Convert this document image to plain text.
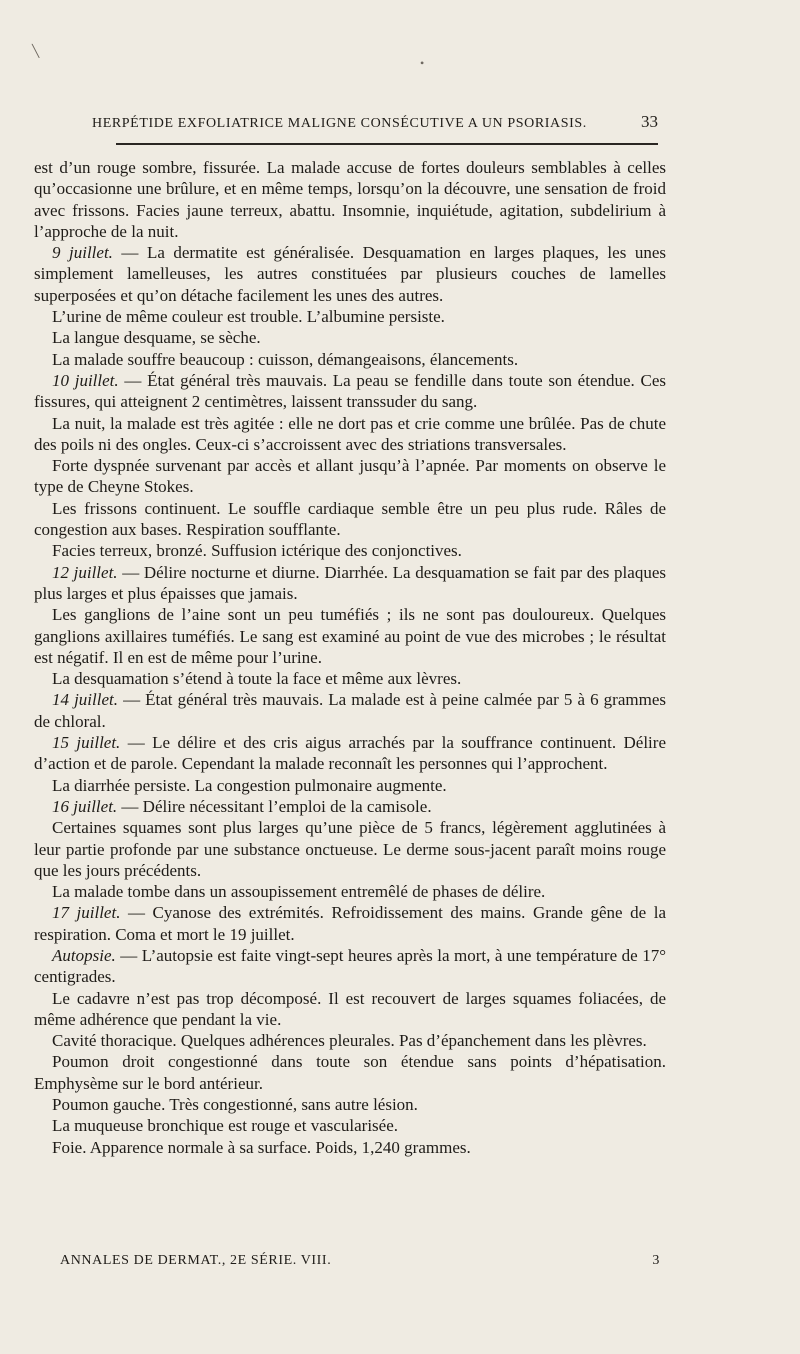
╲
•
HERPÉTIDE EXFOLIATRICE MALIGNE CONSÉCUTIVE A UN PSORIASIS.	33

est d’un rouge sombre, fissurée. La malade accuse de fortes douleurs semblables à celles qu’occasionne une brûlure, et en même temps, lorsqu’on la découvre, une sensation de froid avec frissons. Facies jaune terreux, abattu. Insomnie, inquiétude, agitation, subdelirium à l’approche de la nuit.

9 juillet. — La dermatite est généralisée. Desquamation en larges plaques, les unes simplement lamelleuses, les autres constituées par plusieurs couches de lamelles superposées et qu’on détache facilement les unes des autres.

L’urine de même couleur est trouble. L’albumine persiste.

La langue desquame, se sèche.

La malade souffre beaucoup : cuisson, démangeaisons, élancements.

10 juillet. — État général très mauvais. La peau se fendille dans toute son étendue. Ces fissures, qui atteignent 2 centimètres, laissent transsuder du sang.

La nuit, la malade est très agitée : elle ne dort pas et crie comme une brûlée. Pas de chute des poils ni des ongles. Ceux-ci s’accroissent avec des striations transversales.

Forte dyspnée survenant par accès et allant jusqu’à l’apnée. Par moments on observe le type de Cheyne Stokes.

Les frissons continuent. Le souffle cardiaque semble être un peu plus rude. Râles de congestion aux bases. Respiration soufflante.

Facies terreux, bronzé. Suffusion ictérique des conjonctives.

12 juillet. — Délire nocturne et diurne. Diarrhée. La desquamation se fait par des plaques plus larges et plus épaisses que jamais.

Les ganglions de l’aine sont un peu tuméfiés ; ils ne sont pas douloureux. Quelques ganglions axillaires tuméfiés. Le sang est examiné au point de vue des microbes ; le résultat est négatif. Il en est de même pour l’urine.

La desquamation s’étend à toute la face et même aux lèvres.

14 juillet. — État général très mauvais. La malade est à peine calmée par 5 à 6 grammes de chloral.

15 juillet. — Le délire et des cris aigus arrachés par la souffrance continuent. Délire d’action et de parole. Cependant la malade reconnaît les personnes qui l’approchent.

La diarrhée persiste. La congestion pulmonaire augmente.

16 juillet. — Délire nécessitant l’emploi de la camisole.

Certaines squames sont plus larges qu’une pièce de 5 francs, légèrement agglutinées à leur partie profonde par une substance onctueuse. Le derme sous-jacent paraît moins rouge que les jours précédents.

La malade tombe dans un assoupissement entremêlé de phases de délire.

17 juillet. — Cyanose des extrémités. Refroidissement des mains. Grande gêne de la respiration. Coma et mort le 19 juillet.

Autopsie. — L’autopsie est faite vingt-sept heures après la mort, à une température de 17° centigrades.

Le cadavre n’est pas trop décomposé. Il est recouvert de larges squames foliacées, de même adhérence que pendant la vie.

Cavité thoracique. Quelques adhérences pleurales. Pas d’épanchement dans les plèvres.

Poumon droit congestionné dans toute son étendue sans points d’hépatisation. Emphysème sur le bord antérieur.

Poumon gauche. Très congestionné, sans autre lésion.

La muqueuse bronchique est rouge et vascularisée.

Foie. Apparence normale à sa surface. Poids, 1,240 grammes.

ANNALES DE DERMAT., 2E SÉRIE. VIII.	3
